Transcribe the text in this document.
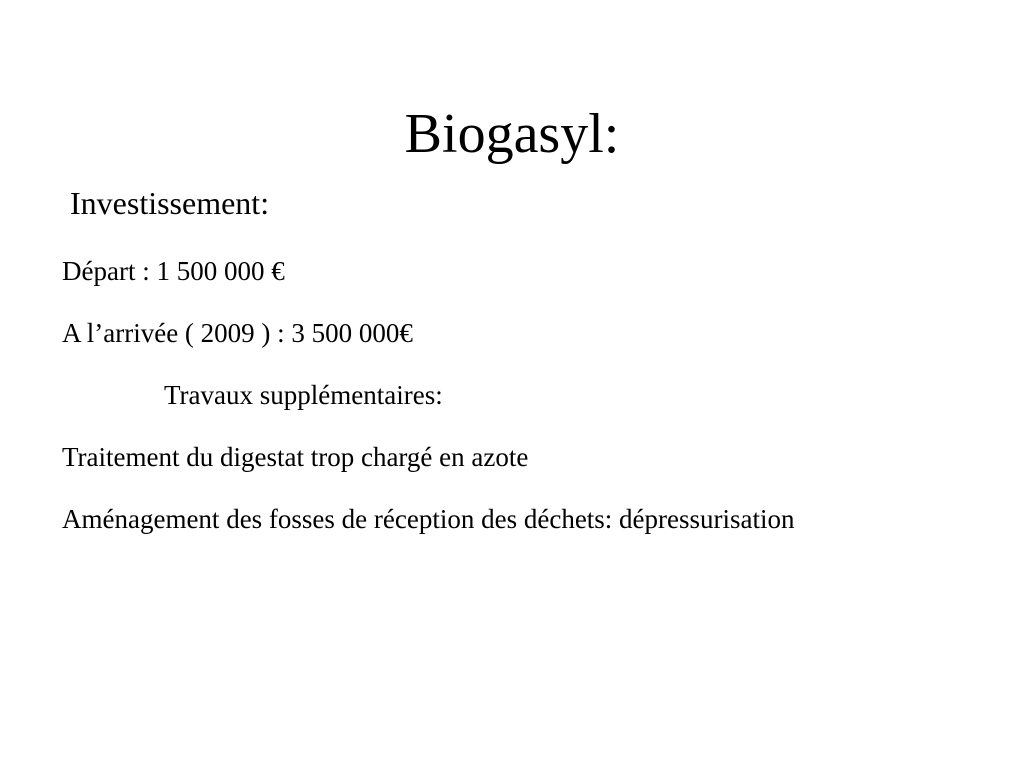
Biogasyl:
Investissement:
Départ : 1 500 000 €
A l’arrivée ( 2009 ) : 3 500 000€
Travaux supplémentaires:
Traitement du digestat trop chargé en azote
Aménagement des fosses de réception des déchets: dépressurisation
